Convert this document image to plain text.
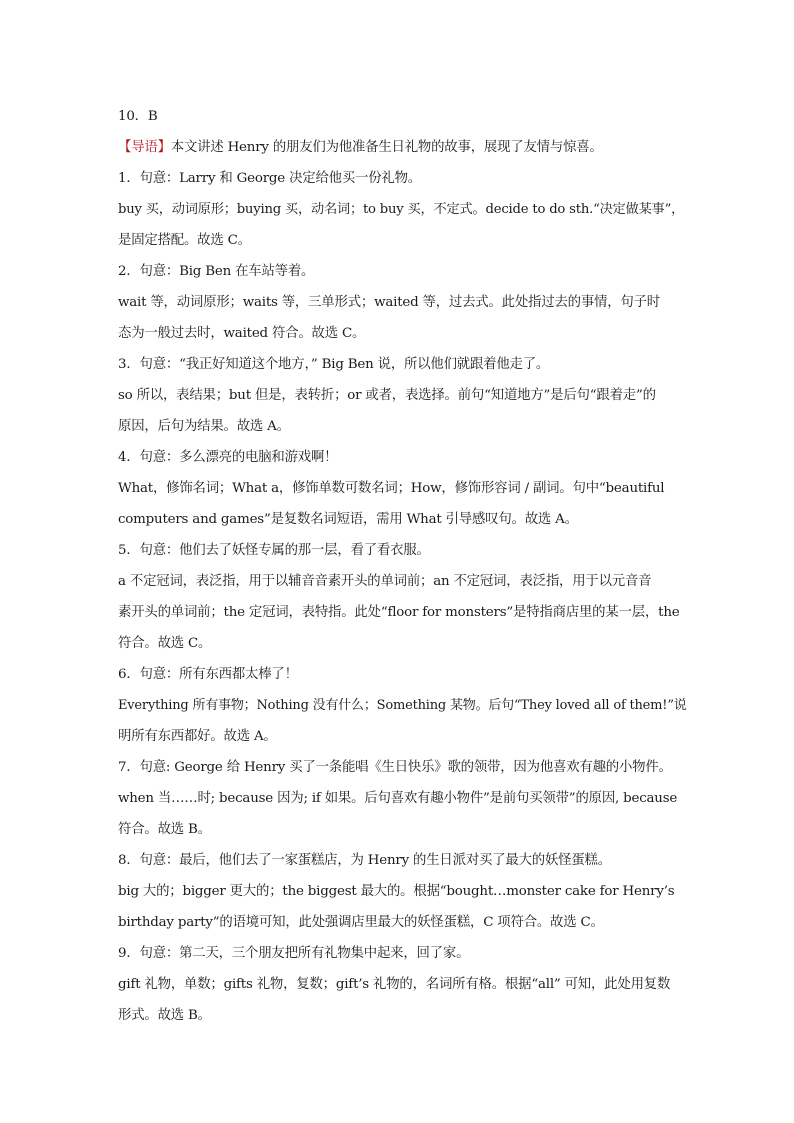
10．B
【导语】本文讲述 Henry 的朋友们为他准备生日礼物的故事，展现了友情与惊喜。
1．句意：Larry 和 George 决定给他买一份礼物。
buy 买，动词原形；buying 买，动名词；to buy 买，不定式。decide to do sth.“决定做某事”，
是固定搭配。故选 C。
2．句意：Big Ben 在车站等着。
wait 等，动词原形；waits 等，三单形式；waited 等，过去式。此处指过去的事情，句子时
态为一般过去时，waited 符合。故选 C。
3．句意：“我正好知道这个地方，” Big Ben 说，所以他们就跟着他走了。
so 所以，表结果；but 但是，表转折；or 或者，表选择。前句“知道地方”是后句“跟着走”的
原因，后句为结果。故选 A。
4．句意：多么漂亮的电脑和游戏啊！
What，修饰名词；What a，修饰单数可数名词；How，修饰形容词 / 副词。句中“beautiful
computers and games”是复数名词短语，需用 What 引导感叹句。故选 A。
5．句意：他们去了妖怪专属的那一层，看了看衣服。
a 不定冠词，表泛指，用于以辅音音素开头的单词前；an 不定冠词，表泛指，用于以元音音
素开头的单词前；the 定冠词，表特指。此处“floor for monsters”是特指商店里的某一层，the
符合。故选 C。
6．句意：所有东西都太棒了！
Everything 所有事物；Nothing 没有什么；Something 某物。后句“They loved all of them!”说
明所有东西都好。故选 A。
7．句意: George 给 Henry 买了一条能唱《生日快乐》歌的领带，因为他喜欢有趣的小物件。
when 当……时; because 因为; if 如果。后句喜欢有趣小物件”是前句买领带”的原因, because
符合。故选 B。
8．句意：最后，他们去了一家蛋糕店，为 Henry 的生日派对买了最大的妖怪蛋糕。
big 大的；bigger 更大的；the biggest 最大的。根据“bought…monster cake for Henry’s
birthday party”的语境可知，此处强调店里最大的妖怪蛋糕，C 项符合。故选 C。
9．句意：第二天，三个朋友把所有礼物集中起来，回了家。
gift 礼物，单数；gifts 礼物，复数；gift’s 礼物的，名词所有格。根据“all” 可知，此处用复数
形式。故选 B。
